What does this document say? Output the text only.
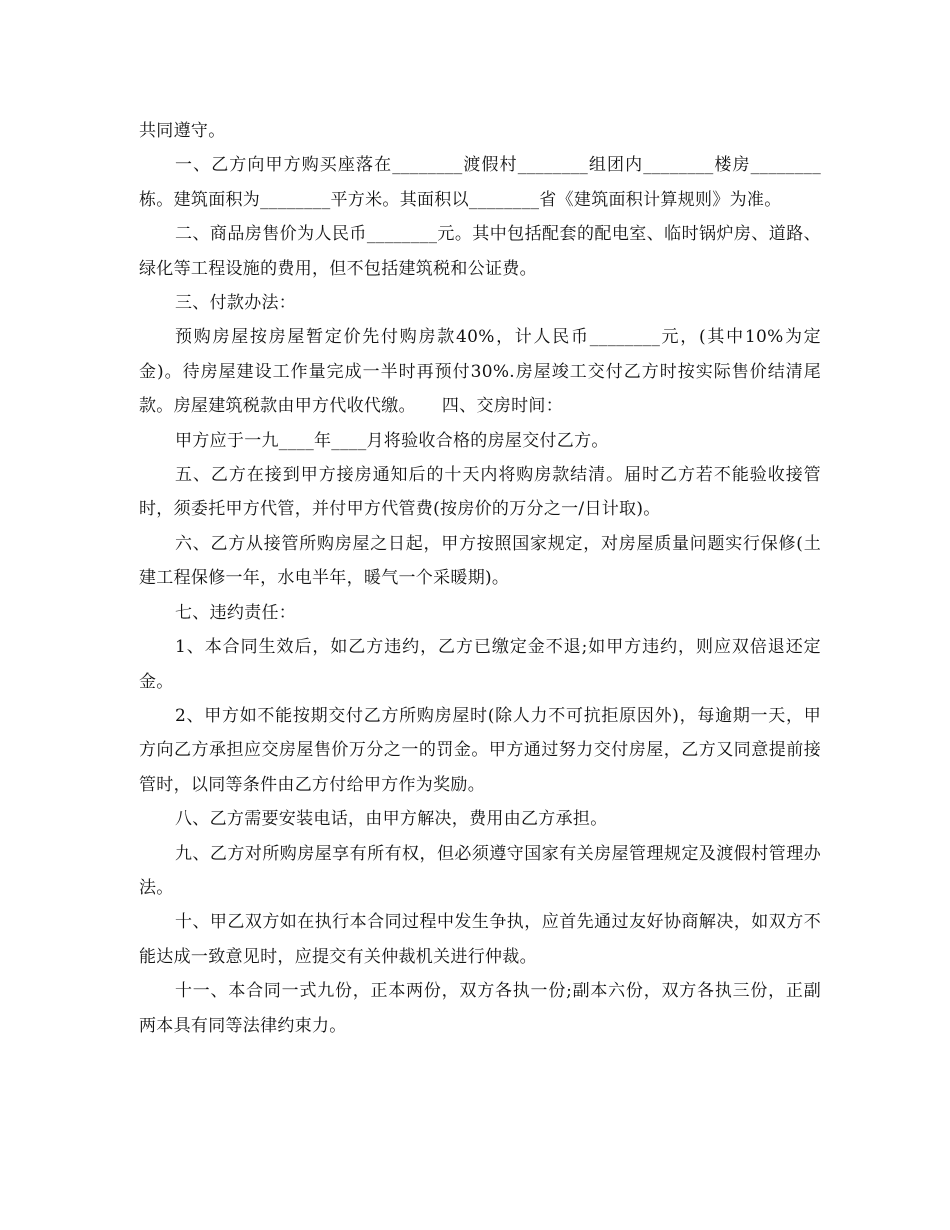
共同遵守。

一、乙方向甲方购买座落在________渡假村________组团内________楼房________栋。建筑面积为________平方米。其面积以________省《建筑面积计算规则》为准。

二、商品房售价为人民币________元。其中包括配套的配电室、临时锅炉房、道路、绿化等工程设施的费用，但不包括建筑税和公证费。

三、付款办法：

预购房屋按房屋暂定价先付购房款40%，计人民币________元，(其中10%为定金)。待房屋建设工作量完成一半时再预付30%.房屋竣工交付乙方时按实际售价结清尾款。房屋建筑税款由甲方代收代缴。　　四、交房时间：

甲方应于一九____年____月将验收合格的房屋交付乙方。

五、乙方在接到甲方接房通知后的十天内将购房款结清。届时乙方若不能验收接管时，须委托甲方代管，并付甲方代管费(按房价的万分之一/日计取)。

六、乙方从接管所购房屋之日起，甲方按照国家规定，对房屋质量问题实行保修(土建工程保修一年，水电半年，暖气一个采暖期)。

七、违约责任：

1、本合同生效后，如乙方违约，乙方已缴定金不退;如甲方违约，则应双倍退还定金。

2、甲方如不能按期交付乙方所购房屋时(除人力不可抗拒原因外)，每逾期一天，甲方向乙方承担应交房屋售价万分之一的罚金。甲方通过努力交付房屋，乙方又同意提前接管时，以同等条件由乙方付给甲方作为奖励。

八、乙方需要安装电话，由甲方解决，费用由乙方承担。

九、乙方对所购房屋享有所有权，但必须遵守国家有关房屋管理规定及渡假村管理办法。

十、甲乙双方如在执行本合同过程中发生争执，应首先通过友好协商解决，如双方不能达成一致意见时，应提交有关仲裁机关进行仲裁。

十一、本合同一式九份，正本两份，双方各执一份;副本六份，双方各执三份，正副两本具有同等法律约束力。
